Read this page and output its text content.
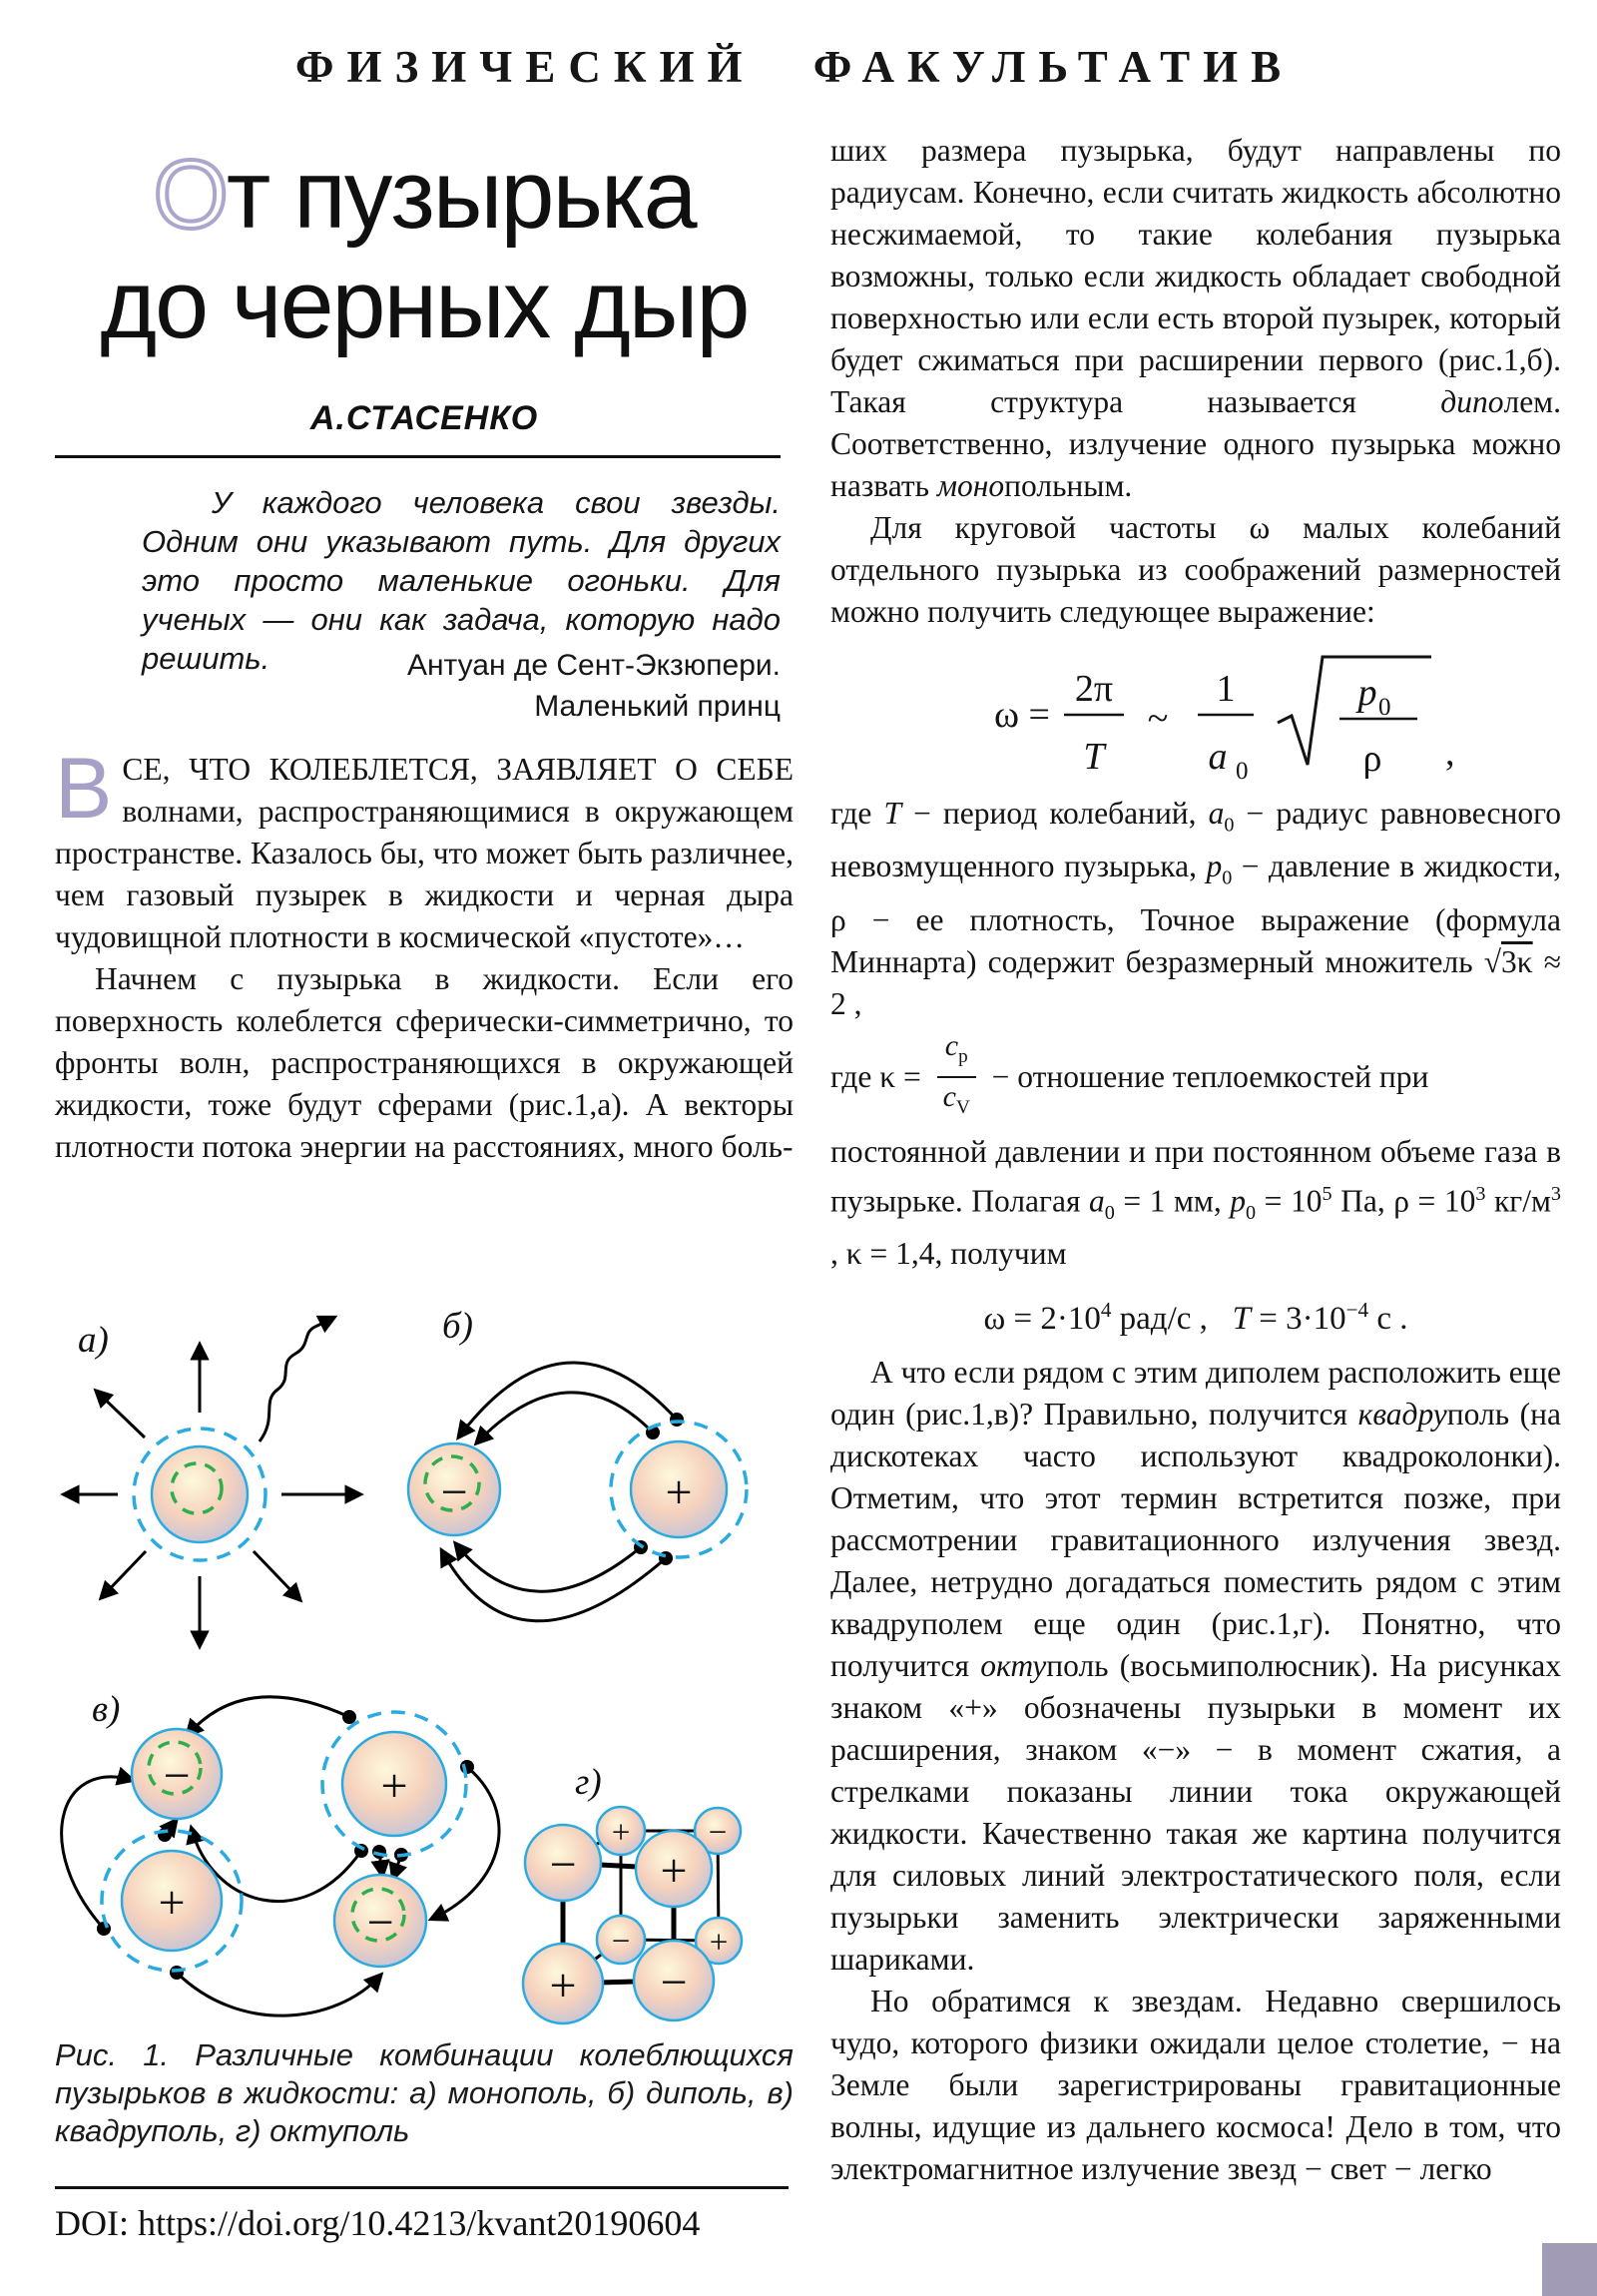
ФИЗИЧЕСКИЙ ФАКУЛЬТАТИВ
От пузырька
до черных дыр
А.СТАСЕНКО
У каждого человека свои звезды. Одним они указывают путь. Для других это просто маленькие огоньки. Для ученых — они как задача, которую надо решить.	Антуан де Сент-Экзюпери.
Маленький принц

ВСЕ, ЧТО КОЛЕБЛЕТСЯ, ЗАЯВЛЯЕТ О СЕБЕ волнами, распространяющимися в окружающем пространстве. Казалось бы, что может быть различнее, чем газовый пузырек в жидкости и черная дыра чудовищной плотности в космической «пустоте»…

Начнем с пузырька в жидкости. Если его поверхность колеблется сферически-симметрично, то фронты волн, распространяющихся в окружающей жидкости, тоже будут сферами (рис.1,а). А векторы плотности потока энергии на расстояниях, много боль-

а)	б)
−	+
в)
−	+
+	−
г)
+ −
− +
− +
+ −
Рис. 1. Различные комбинации колеблющихся пузырьков в жидкости: а) монополь, б) диполь, в) квадруполь, г) октуполь
DOI: https://doi.org/10.4213/kvant20190604

ших размера пузырька, будут направлены по радиусам. Конечно, если считать жидкость абсолютно несжимаемой, то такие колебания пузырька возможны, только если жидкость обладает свободной поверхностью или если есть второй пузырек, который будет сжиматься при расширении первого (рис.1,б). Такая структура называется диполем. Соответственно, излучение одного пузырька можно назвать монопольным.

Для круговой частоты ω малых колебаний отдельного пузырька из соображений размерностей можно получить следующее выражение:

ω =
2π
T
~
1
a 0
p 0
ρ ,

где T − период колебаний, $a_0$ − радиус равновесного невозмущенного пузырька, $p_0$ − давление в жидкости, ρ − ее плотность, Точное выражение (формула Миннарта) содержит безразмерный множитель √3κ ≈ 2 ,

где $\kappa = \frac{c_p}{c_V}$ − отношение теплоемкостей при

постоянной давлении и при постоянном объеме газа в пузырьке. Полагая $a_0 = 1$ мм, $p_0 = 10^5$ Па, $\rho = 10^3$ $кг/м^3$ , κ = 1,4, получим

$\omega = 2\cdot 10^4$ рад/с ,   $T = 3\cdot 10^{-4}$ с .

А что если рядом с этим диполем расположить еще один (рис.1,в)? Правильно, получится квадруполь (на дискотеках часто используют квадроколонки). Отметим, что этот термин встретится позже, при рассмотрении гравитационного излучения звезд. Далее, нетрудно догадаться поместить рядом с этим квадруполем еще один (рис.1,г). Понятно, что получится октуполь (восьмиполюсник). На рисунках знаком «+» обозначены пузырьки в момент их расширения, знаком «−» − в момент сжатия, а стрелками показаны линии тока окружающей жидкости. Качественно такая же картина получится для силовых линий электростатического поля, если пузырьки заменить электрически заряженными шариками.

Но обратимся к звездам. Недавно свершилось чудо, которого физики ожидали целое столетие, − на Земле были зарегистрированы гравитационные волны, идущие из дальнего космоса! Дело в том, что электромагнитное излучение звезд − свет − легко
